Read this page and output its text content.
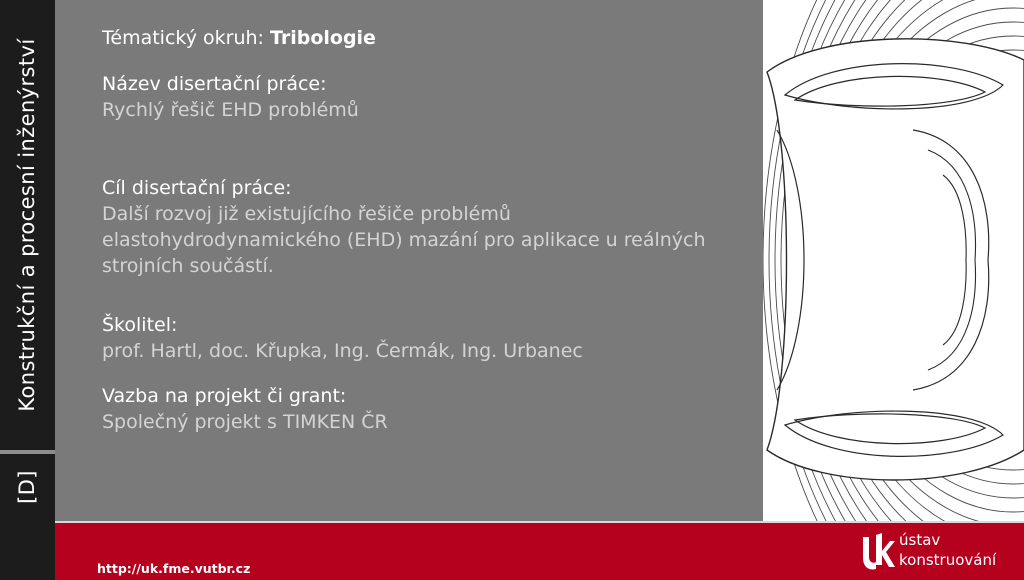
Konstrukční a procesní inženýrství
[D]
Tématický okruh: Tribologie
Název disertační práce:
Rychlý řešič EHD problémů
Cíl disertační práce:
Další rozvoj již existujícího řešiče problémů elastohydrodynamického (EHD) mazání pro aplikace u reálných strojních součástí.
Školitel:
prof. Hartl, doc. Křupka, Ing. Čermák, Ing. Urbanec
Vazba na projekt či grant:
Společný projekt s TIMKEN ČR
http://uk.fme.vutbr.cz
ústav
konstruování
